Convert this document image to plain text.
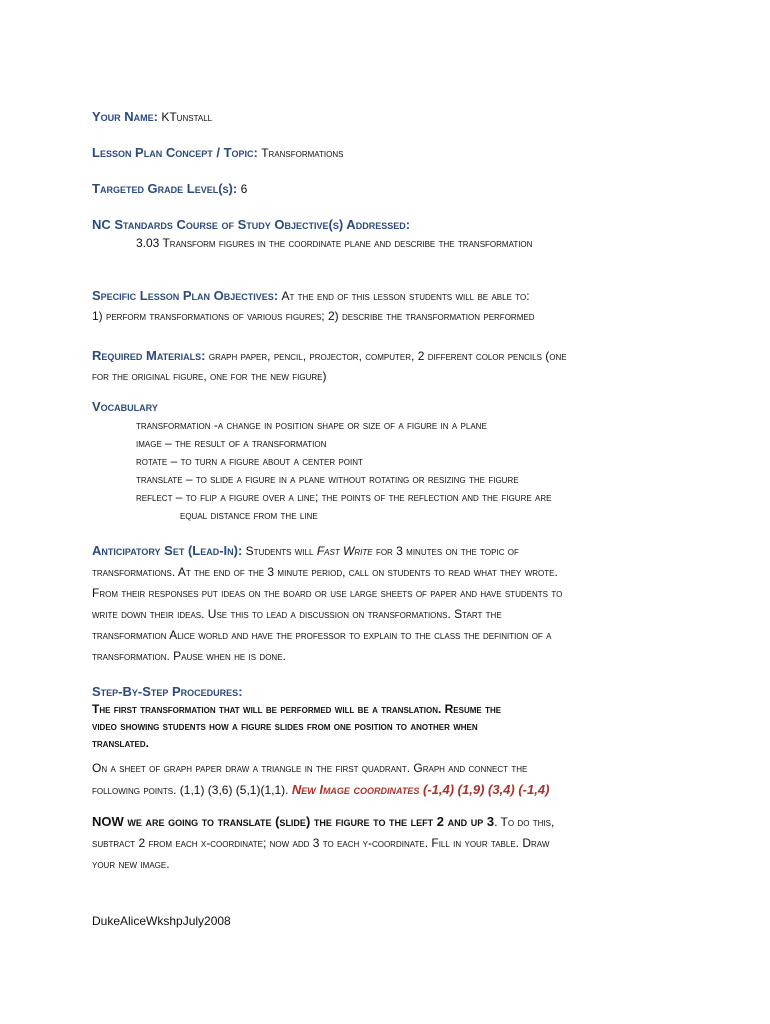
Your Name: KTunstall
Lesson Plan Concept / Topic: Transformations
Targeted Grade Level(s): 6
NC Standards Course of Study Objective(s) Addressed:
3.03 Transform figures in the coordinate plane and describe the transformation
Specific Lesson Plan Objectives: At the end of this lesson students will be able to:
1) perform transformations of various figures; 2) describe the transformation performed
Required Materials: graph paper, pencil, projector, computer, 2 different color pencils (one
for the original figure, one for the new figure)
Vocabulary
transformation -a change in position shape or size of a figure in a plane
image – the result of a transformation
rotate – to turn a figure about a center point
translate – to slide a figure in a plane without rotating or resizing the figure
reflect – to flip a figure over a line; the points of the reflection and the figure are
equal distance from the line
Anticipatory Set (Lead-In): Students will Fast Write for 3 minutes on the topic of
transformations. At the end of the 3 minute period, call on students to read what they wrote.
From their responses put ideas on the board or use large sheets of paper and have students to
write down their ideas. Use this to lead a discussion on transformations. Start the
transformation Alice world and have the professor to explain to the class the definition of a
transformation. Pause when he is done.
Step-By-Step Procedures:
The first transformation that will be performed will be a translation. Resume the
video showing students how a figure slides from one position to another when
translated.
On a sheet of graph paper draw a triangle in the first quadrant. Graph and connect the
following points. (1,1) (3,6) (5,1)(1,1). New Image coordinates (-1,4) (1,9) (3,4) (-1,4)
NOW we are going to translate (slide) the figure to the left 2 and up 3. To do this,
subtract 2 from each x-coordinate; now add 3 to each y-coordinate. Fill in your table. Draw
your new image.
DukeAliceWkshpJuly2008
